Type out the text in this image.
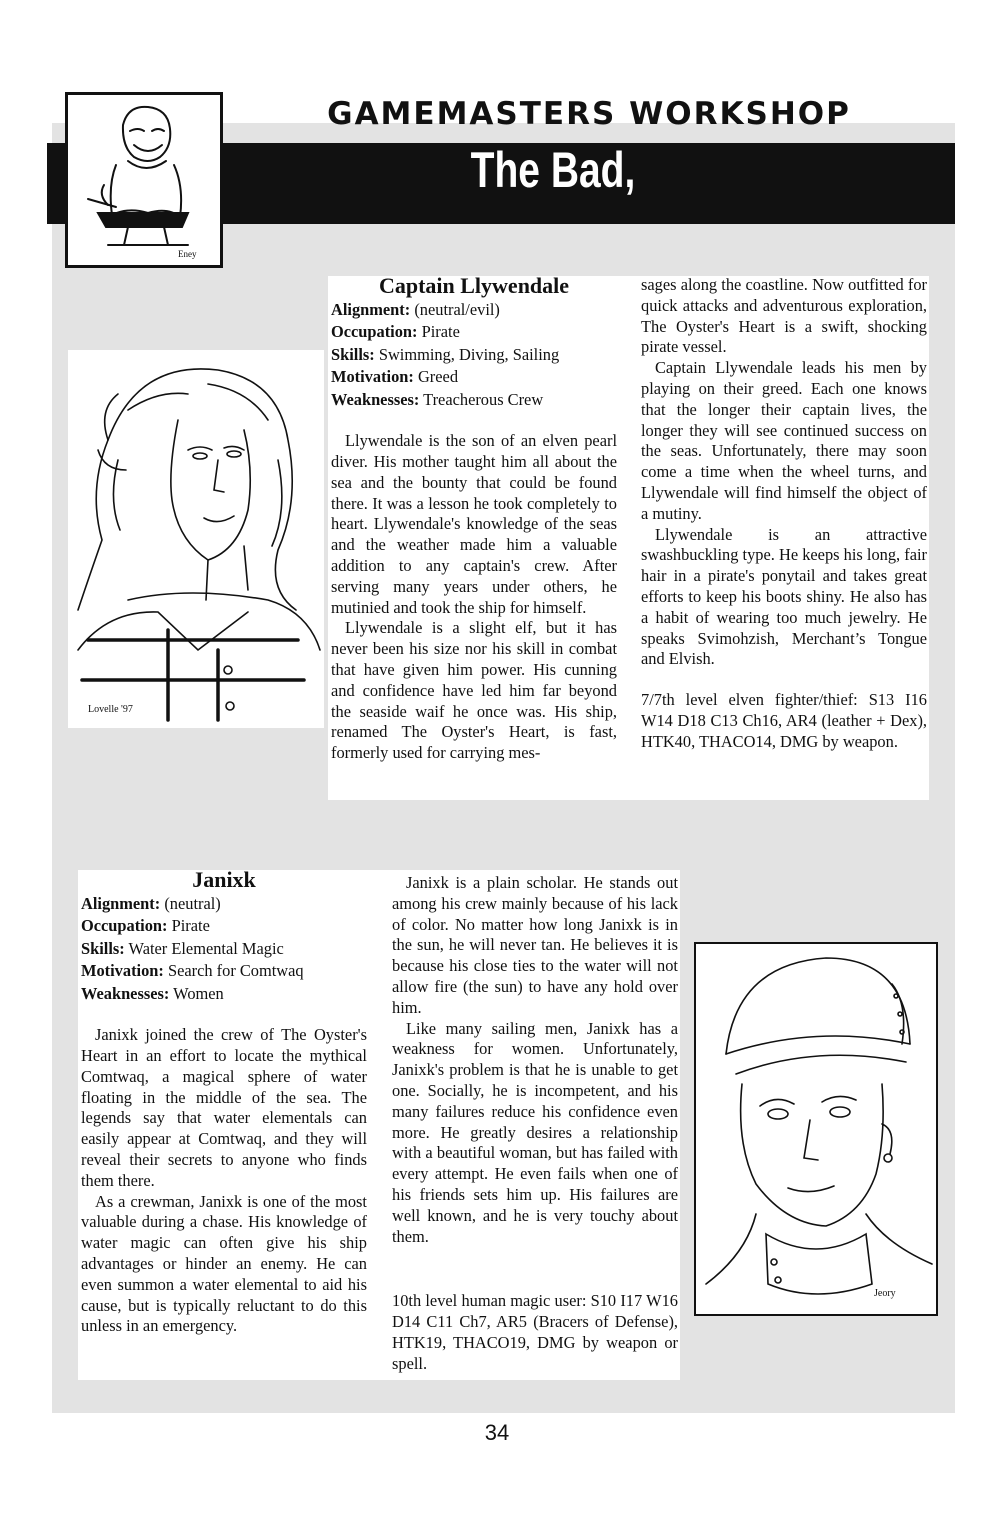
Eney
GAMEMASTERS WORKSHOP
The Bad,
Lovelle '97
Captain Llywendale
Alignment: (neutral/evil)
Occupation: Pirate
Skills: Swimming, Diving, Sailing
Motivation: Greed
Weaknesses: Treacherous Crew

Llywendale is the son of an elven pearl diver. His mother taught him all about the sea and the bounty that could be found there. It was a lesson he took completely to heart. Llywendale's knowledge of the seas and the weather made him a valuable addition to any captain's crew. After serving many years under others, he mutinied and took the ship for himself.

Llywendale is a slight elf, but it has never been his size nor his skill in combat that have given him power. His cunning and confidence have led him far beyond the seaside waif he once was. His ship, renamed The Oyster's Heart, is fast, formerly used for carrying mes-

sages along the coastline. Now outfitted for quick attacks and adventurous exploration, The Oyster's Heart is a swift, shocking pirate vessel.

Captain Llywendale leads his men by playing on their greed. Each one knows that the longer their captain lives, the longer they will see continued success on the seas. Unfortunately, there may soon come a time when the wheel turns, and Llywendale will find himself the object of a mutiny.

Llywendale is an attractive swashbuckling type. He keeps his long, fair hair in a pirate's ponytail and takes great efforts to keep his boots shiny. He also has a habit of wearing too much jewelry. He speaks Svimohzish, Merchant’s Tongue and Elvish.

7/7th level elven fighter/thief: S13 I16 W14 D18 C13 Ch16, AR4 (leather + Dex), HTK40, THACO14, DMG by weapon.

Janixk
Alignment: (neutral)
Occupation: Pirate
Skills: Water Elemental Magic
Motivation: Search for Comtwaq
Weaknesses: Women

Janixk joined the crew of The Oyster's Heart in an effort to locate the mythical Comtwaq, a magical sphere of water floating in the middle of the sea. The legends say that water elementals can easily appear at Comtwaq, and they will reveal their secrets to anyone who finds them there.

As a crewman, Janixk is one of the most valuable during a chase. His knowledge of water magic can often give his ship advantages or hinder an enemy. He can even summon a water elemental to aid his cause, but is typically reluctant to do this unless in an emergency.

Janixk is a plain scholar. He stands out among his crew mainly because of his lack of color. No matter how long Janixk is in the sun, he will never tan. He believes it is because his close ties to the water will not allow fire (the sun) to have any hold over him.

Like many sailing men, Janixk has a weakness for women. Unfortunately, Janixk's problem is that he is unable to get one. Socially, he is incompetent, and his many failures reduce his confidence even more. He greatly desires a relationship with a beautiful woman, but has failed with every attempt. He even fails when one of his friends sets him up. His failures are well known, and he is very touchy about them.

10th level human magic user: S10 I17 W16 D14 C11 Ch7, AR5 (Bracers of Defense), HTK19, THACO19, DMG by weapon or spell.

Jeory
34
